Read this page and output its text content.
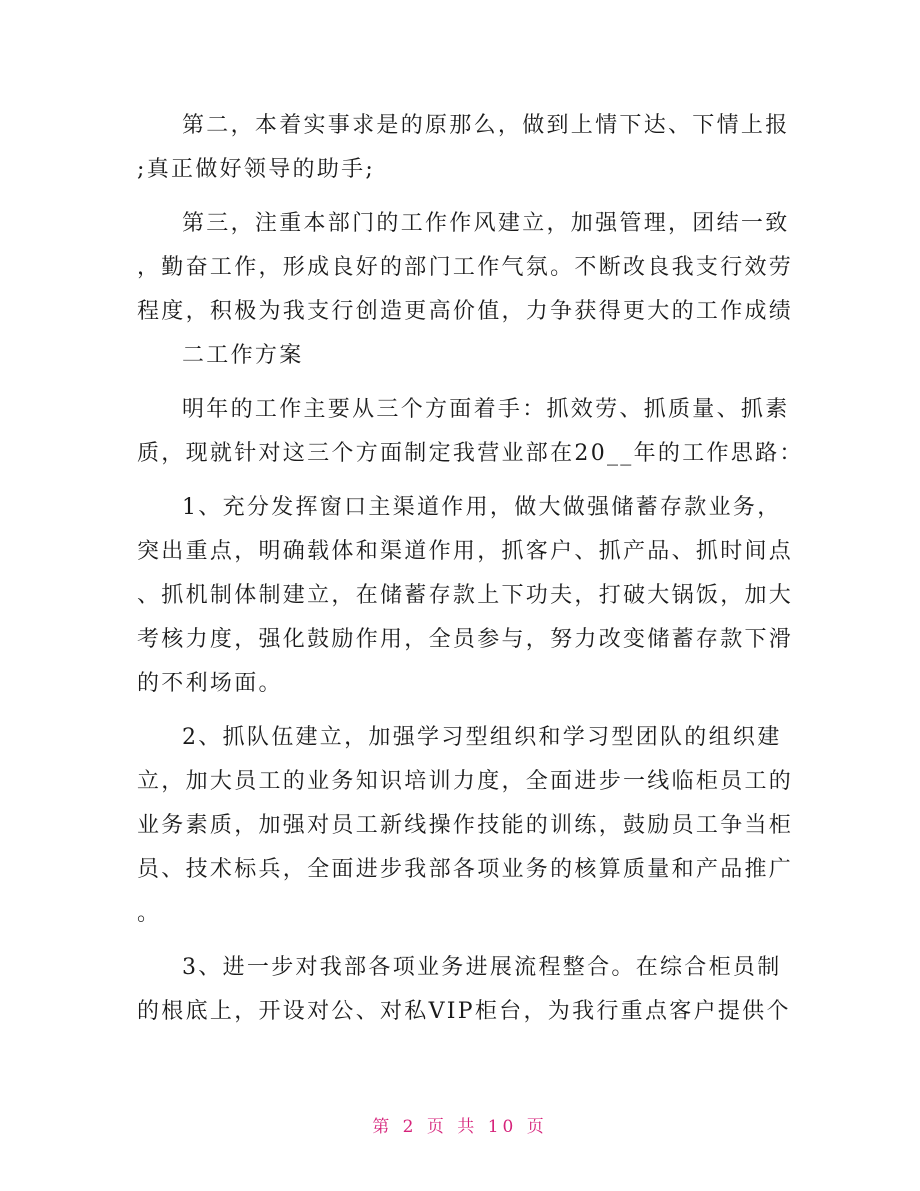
第二，本着实事求是的原那么，做到上情下达、下情上报
;真正做好领导的助手;
第三，注重本部门的工作作风建立，加强管理，团结一致
，勤奋工作，形成良好的部门工作气氛。不断改良我支行效劳
程度，积极为我支行创造更高价值，力争获得更大的工作成绩
二工作方案
明年的工作主要从三个方面着手：抓效劳、抓质量、抓素
质，现就针对这三个方面制定我营业部在20__年的工作思路：
1、充分发挥窗口主渠道作用，做大做强储蓄存款业务，
突出重点，明确载体和渠道作用，抓客户、抓产品、抓时间点
、抓机制体制建立，在储蓄存款上下功夫，打破大锅饭，加大
考核力度，强化鼓励作用，全员参与，努力改变储蓄存款下滑
的不利场面。
2、抓队伍建立，加强学习型组织和学习型团队的组织建
立，加大员工的业务知识培训力度，全面进步一线临柜员工的
业务素质，加强对员工新线操作技能的训练，鼓励员工争当柜
员、技术标兵，全面进步我部各项业务的核算质量和产品推广
。
3、进一步对我部各项业务进展流程整合。在综合柜员制
的根底上，开设对公、对私VIP柜台，为我行重点客户提供个
第 2 页 共 10 页
